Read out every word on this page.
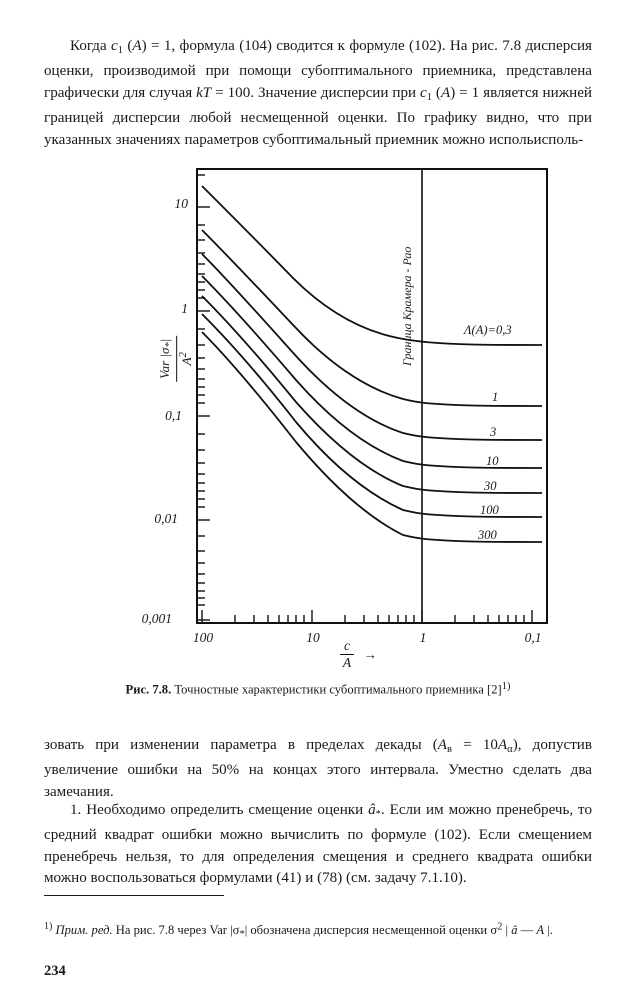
Когда $c_1$ (A) = 1, формула (104) сводится к формуле (102). На рис. 7.8 дисперсия оценки, производимой при помощи субоптимального приемника, представлена графически для случая kT = 100. Значение дисперсии при $c_1$ (A) = 1 является нижней границей дисперсии любой несмещенной оценки. По графику видно, что при указанных значениях параметров субоптимальный приемник можно испольисполь-

Var $|\sigma_*|$
$A^2$
10
1
0,1
0,01
0,001
100	10	1	0,1
$\frac{c}{A}$ →
Граница Крамера - Рао	Λ(A)=0,3
1
3
10
30
100
300
Рис. 7.8. Точностные характеристики субоптимального приемника $[2]^{1)}$

зовать при изменении параметра в пределах декады $(A_в = 10A_\alpha)$, допустив увеличение ошибки на 50% на концах этого интервала. Уместно сделать два замечания.

1. Необходимо определить смещение оценки $â_*$. Если им можно пренебречь, то средний квадрат ошибки можно вычислить по формуле (102). Если смещением пренебречь нельзя, то для определения смещения и среднего квадрата ошибки можно воспользоваться формулами (41) и (78) (см. задачу 7.1.10).

$^{1)}$ Прим. ред. На рис. 7.8 через Var $|\sigma_*|$ обозначена дисперсия несмещенной оценки $\sigma^2$ | â — A |.

234
